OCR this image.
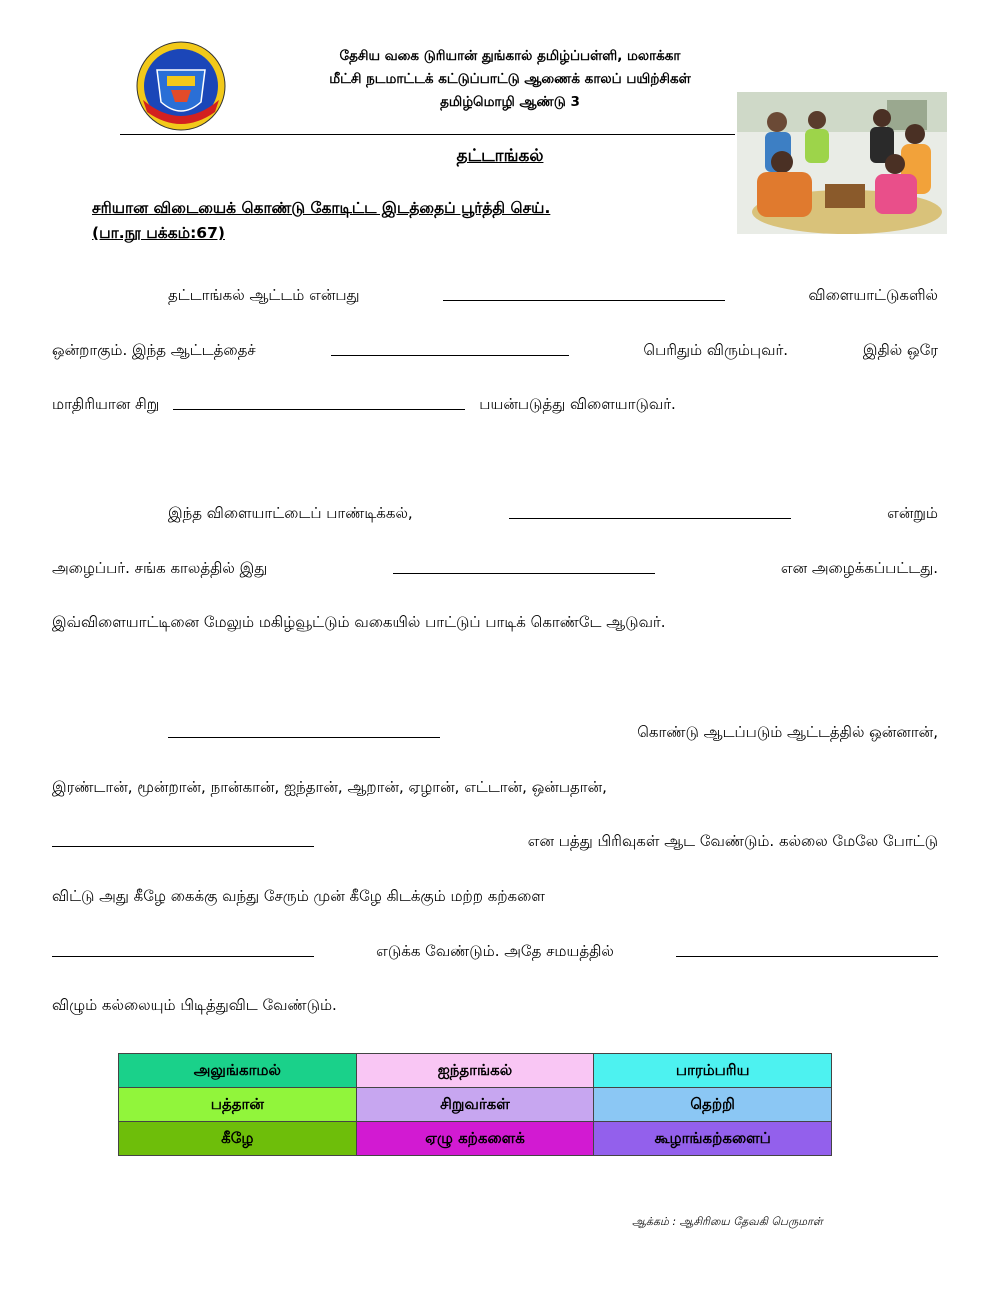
தேசிய வகை டுரியான் துங்கால் தமிழ்ப்பள்ளி, மலாக்கா
மீட்சி நடமாட்டக் கட்டுப்பாட்டு ஆணைக் காலப் பயிற்சிகள்
தமிழ்மொழி ஆண்டு 3
தட்டாங்கல்
சரியான விடையைக் கொண்டு கோடிட்ட இடத்தைப் பூர்த்தி செய்.
(பா.நூ பக்கம்:67)
தட்டாங்கல் ஆட்டம் என்பது	விளையாட்டுகளில்
ஒன்றாகும். இந்த ஆட்டத்தைச்	பெரிதும் விரும்புவர்.	இதில் ஒரே
மாதிரியான சிறு	பயன்படுத்து விளையாடுவர்.
இந்த விளையாட்டைப் பாண்டிக்கல்,	என்றும்
அழைப்பர். சங்க காலத்தில் இது	என அழைக்கப்பட்டது.
இவ்விளையாட்டினை மேலும் மகிழ்வூட்டும் வகையில் பாட்டுப் பாடிக் கொண்டே ஆடுவர்.
கொண்டு ஆடப்படும் ஆட்டத்தில் ஒன்னான்,
இரண்டான், மூன்றான், நான்கான், ஐந்தான், ஆறான், ஏழான், எட்டான், ஒன்பதான்,
என பத்து பிரிவுகள் ஆட வேண்டும். கல்லை மேலே போட்டு
விட்டு அது கீழே கைக்கு வந்து சேரும் முன் கீழே கிடக்கும் மற்ற கற்களை
எடுக்க வேண்டும். அதே சமயத்தில்
விழும் கல்லையும் பிடித்துவிட வேண்டும்.
அலுங்காமல்	ஐந்தாங்கல்	பாரம்பரிய
பத்தான்	சிறுவர்கள்	தெற்றி
கீழே	ஏழு கற்களைக்	கூழாங்கற்களைப்
ஆக்கம் : ஆசிரியை தேவகி பெருமாள்
